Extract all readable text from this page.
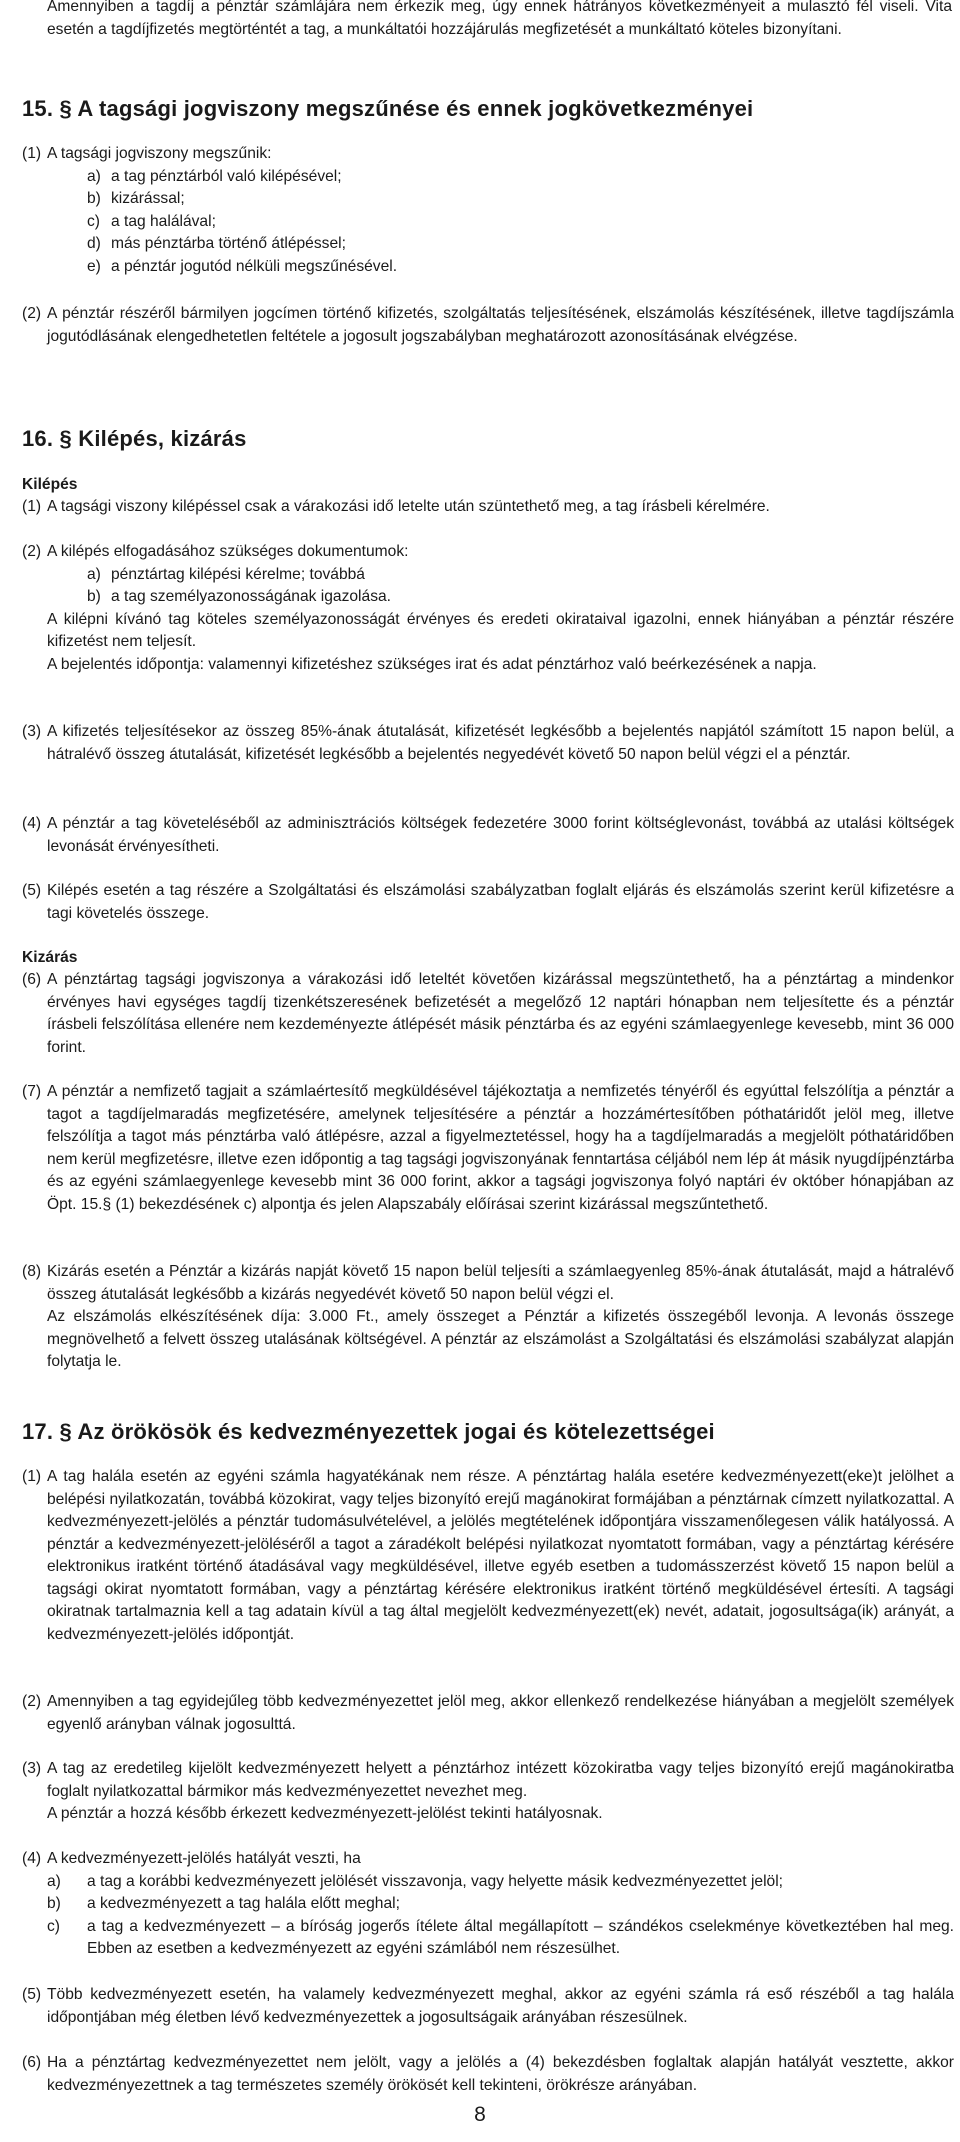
Amennyiben a tagdíj a pénztár számlájára nem érkezik meg, úgy ennek hátrányos következményeit a mulasztó fél viseli. Vita esetén a tagdíjfizetés megtörténtét a tag, a munkáltatói hozzájárulás megfizetését a munkáltató köteles bizonyítani.
15. § A tagsági jogviszony megszűnése és ennek jogkövetkezményei
(1) A tagsági jogviszony megszűnik:
a) a tag pénztárból való kilépésével;
b) kizárással;
c) a tag halálával;
d) más pénztárba történő átlépéssel;
e) a pénztár jogutód nélküli megszűnésével.
(2) A pénztár részéről bármilyen jogcímen történő kifizetés, szolgáltatás teljesítésének, elszámolás készítésének, illetve tagdíjszámla jogutódlásának elengedhetetlen feltétele a jogosult jogszabályban meghatározott azonosításának elvégzése.
16. § Kilépés, kizárás
Kilépés
(1) A tagsági viszony kilépéssel csak a várakozási idő letelte után szüntethető meg, a tag írásbeli kérelmére.
(2) A kilépés elfogadásához szükséges dokumentumok:
a) pénztártag kilépési kérelme; továbbá
b) a tag személyazonosságának igazolása.
A kilépni kívánó tag köteles személyazonosságát érvényes és eredeti okirataival igazolni, ennek hiányában a pénztár részére kifizetést nem teljesít.
A bejelentés időpontja: valamennyi kifizetéshez szükséges irat és adat pénztárhoz való beérkezésének a napja.
(3) A kifizetés teljesítésekor az összeg 85%-ának átutalását, kifizetését legkésőbb a bejelentés napjától számított 15 napon belül, a hátralévő összeg átutalását, kifizetését legkésőbb a bejelentés negyedévét követő 50 napon belül végzi el a pénztár.
(4) A pénztár a tag követeléséből az adminisztrációs költségek fedezetére 3000 forint költséglevonást, továbbá az utalási költségek levonását érvényesítheti.
(5) Kilépés esetén a tag részére a Szolgáltatási és elszámolási szabályzatban foglalt eljárás és elszámolás szerint kerül kifizetésre a tagi követelés összege.
Kizárás
(6) A pénztártag tagsági jogviszonya a várakozási idő leteltét követően kizárással megszüntethető, ha a pénztártag a mindenkor érvényes havi egységes tagdíj tizenkétszeresének befizetését a megelőző 12 naptári hónapban nem teljesítette és a pénztár írásbeli felszólítása ellenére nem kezdeményezte átlépését másik pénztárba és az egyéni számlaegyenlege kevesebb, mint 36 000 forint.
(7) A pénztár a nemfizető tagjait a számlaértesítő megküldésével tájékoztatja a nemfizetés tényéről és egyúttal felszólítja a pénztár a tagot a tagdíjelmaradás megfizetésére, amelynek teljesítésére a pénztár a hozzámértesítőben póthatáridőt jelöl meg, illetve felszólítja a tagot más pénztárba való átlépésre, azzal a figyelmeztetéssel, hogy ha a tagdíjelmaradás a megjelölt póthatáridőben nem kerül megfizetésre, illetve ezen időpontig a tag tagsági jogviszonyának fenntartása céljából nem lép át másik nyugdíjpénztárba és az egyéni számlaegyenlege kevesebb mint 36 000 forint, akkor a tagsági jogviszonya folyó naptári év október hónapjában az Öpt. 15.§ (1) bekezdésének c) alpontja és jelen Alapszabály előírásai szerint kizárással megszűntethető.
(8) Kizárás esetén a Pénztár a kizárás napját követő 15 napon belül teljesíti a számlaegyenleg 85%-ának átutalását, majd a hátralévő összeg átutalását legkésőbb a kizárás negyedévét követő 50 napon belül végzi el.
Az elszámolás elkészítésének díja: 3.000 Ft., amely összeget a Pénztár a kifizetés összegéből levonja. A levonás összege megnövelhető a felvett összeg utalásának költségével. A pénztár az elszámolást a Szolgáltatási és elszámolási szabályzat alapján folytatja le.
17. § Az örökösök és kedvezményezettek jogai és kötelezettségei
(1) A tag halála esetén az egyéni számla hagyatékának nem része. A pénztártag halála esetére kedvezményezett(eke)t jelölhet a belépési nyilatkozatán, továbbá közokirat, vagy teljes bizonyító erejű magánokirat formájában a pénztárnak címzett nyilatkozattal. A kedvezményezett-jelölés a pénztár tudomásulvételével, a jelölés megtételének időpontjára visszamenőlegesen válik hatályossá. A pénztár a kedvezményezett-jelöléséről a tagot a záradékolt belépési nyilatkozat nyomtatott formában, vagy a pénztártag kérésére elektronikus iratként történő átadásával vagy megküldésével, illetve egyéb esetben a tudomásszerzést követő 15 napon belül a tagsági okirat nyomtatott formában, vagy a pénztártag kérésére elektronikus iratként történő megküldésével értesíti. A tagsági okiratnak tartalmaznia kell a tag adatain kívül a tag által megjelölt kedvezményezett(ek) nevét, adatait, jogosultsága(ik) arányát, a kedvezményezett-jelölés időpontját.
(2) Amennyiben a tag egyidejűleg több kedvezményezettet jelöl meg, akkor ellenkező rendelkezése hiányában a megjelölt személyek egyenlő arányban válnak jogosulttá.
(3) A tag az eredetileg kijelölt kedvezményezett helyett a pénztárhoz intézett közokiratba vagy teljes bizonyító erejű magánokiratba foglalt nyilatkozattal bármikor más kedvezményezettet nevezhet meg.
A pénztár a hozzá később érkezett kedvezményezett-jelölést tekinti hatályosnak.
(4) A kedvezményezett-jelölés hatályát veszti, ha
a) a tag a korábbi kedvezményezett jelölését visszavonja, vagy helyette másik kedvezményezettet jelöl;
b) a kedvezményezett a tag halála előtt meghal;
c) a tag a kedvezményezett – a bíróság jogerős ítélete által megállapított – szándékos cselekménye következtében hal meg. Ebben az esetben a kedvezményezett az egyéni számlából nem részesülhet.
(5) Több kedvezményezett esetén, ha valamely kedvezményezett meghal, akkor az egyéni számla rá eső részéből a tag halála időpontjában még életben lévő kedvezményezettek a jogosultságaik arányában részesülnek.
(6) Ha a pénztártag kedvezményezettet nem jelölt, vagy a jelölés a (4) bekezdésben foglaltak alapján hatályát vesztette, akkor kedvezményezettnek a tag természetes személy örökösét kell tekinteni, örökrésze arányában.
8
